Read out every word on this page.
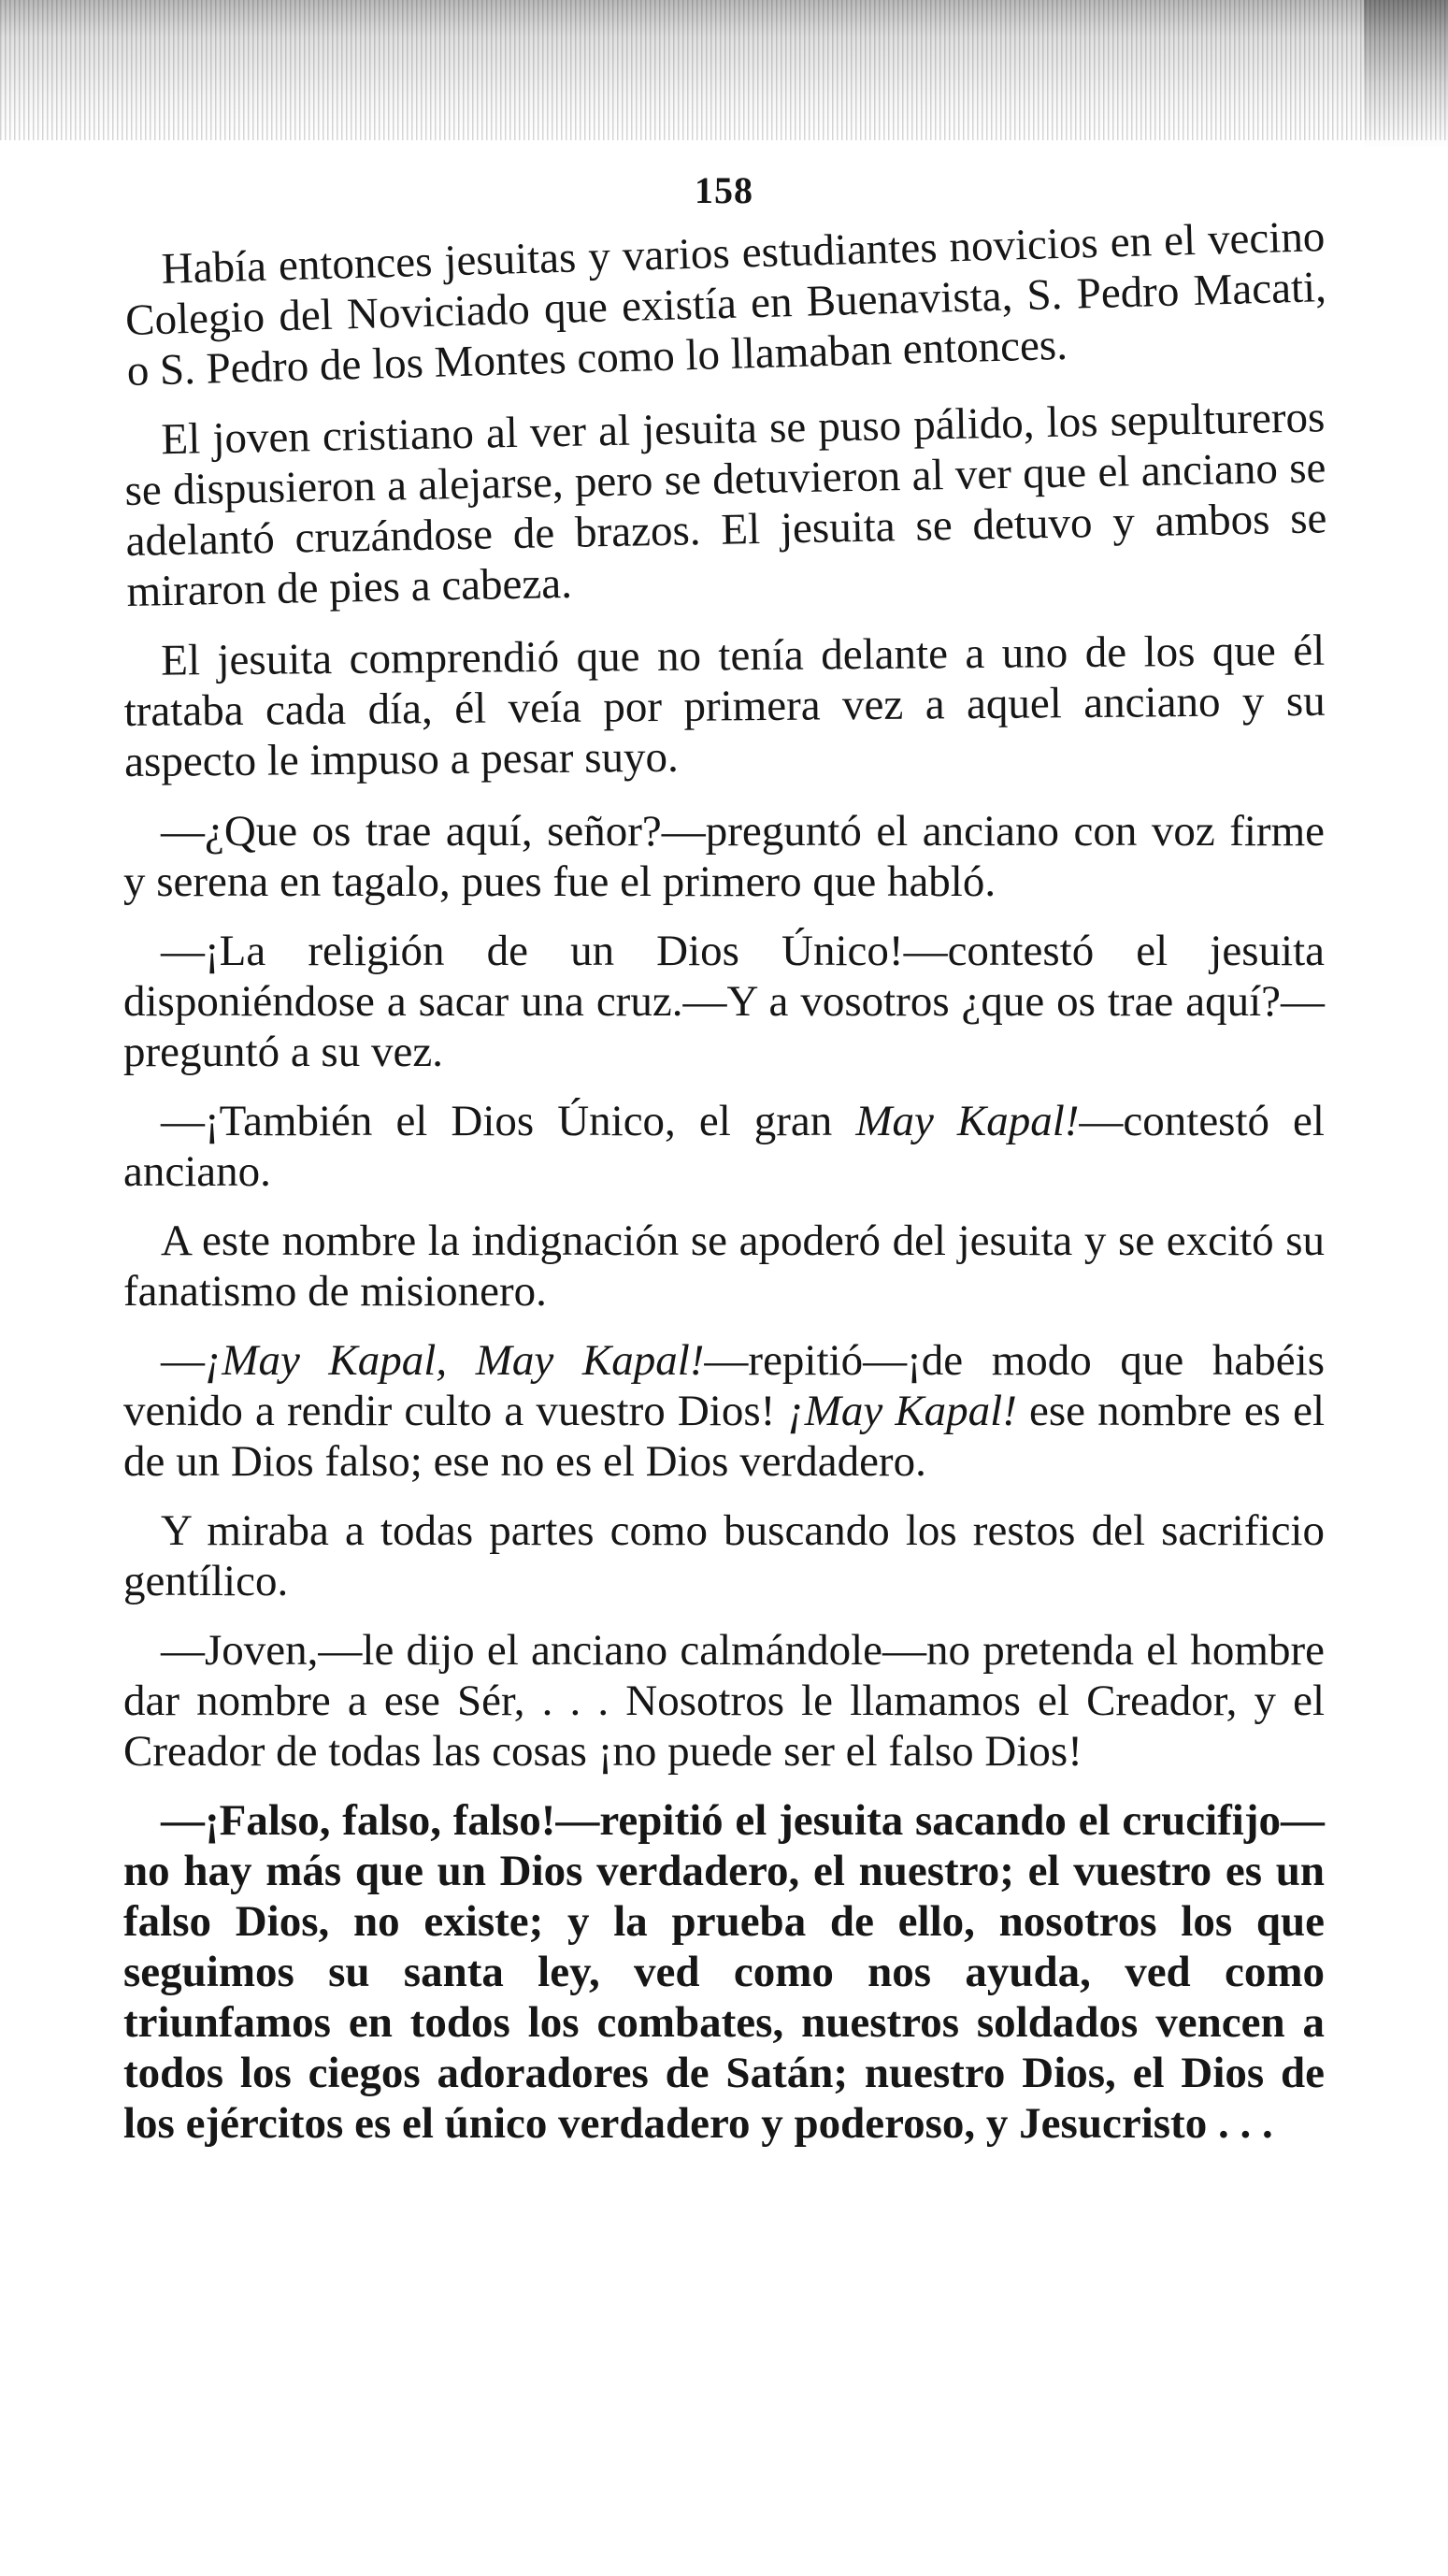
158

Había entonces jesuitas y varios estudiantes novicios en el vecino Colegio del Noviciado que existía en Buenavista, S. Pedro Macati, o S. Pedro de los Montes como lo llamaban entonces.

El joven cristiano al ver al jesuita se puso pálido, los sepultureros se dispusieron a alejarse, pero se detuvieron al ver que el anciano se adelantó cruzándose de brazos. El jesuita se detuvo y ambos se miraron de pies a cabeza.

El jesuita comprendió que no tenía delante a uno de los que él trataba cada día, él veía por primera vez a aquel anciano y su aspecto le impuso a pesar suyo.

—¿Que os trae aquí, señor?—preguntó el anciano con voz firme y serena en tagalo, pues fue el primero que habló.

—¡La religión de un Dios Único!—contestó el jesuita disponiéndose a sacar una cruz.—Y a vosotros ¿que os trae aquí?—preguntó a su vez.

—¡También el Dios Único, el gran May Kapal!—contestó el anciano.

A este nombre la indignación se apoderó del jesuita y se excitó su fanatismo de misionero.

—¡May Kapal, May Kapal!—repitió—¡de modo que habéis venido a rendir culto a vuestro Dios! ¡May Kapal! ese nombre es el de un Dios falso; ese no es el Dios verdadero.

Y miraba a todas partes como buscando los restos del sacrificio gentílico.

—Joven,—le dijo el anciano calmándole—no pretenda el hombre dar nombre a ese Sér, . . . Nosotros le llamamos el Creador, y el Creador de todas las cosas ¡no puede ser el falso Dios!

—¡Falso, falso, falso!—repitió el jesuita sacando el crucifijo—no hay más que un Dios verdadero, el nuestro; el vuestro es un falso Dios, no existe; y la prueba de ello, nosotros los que seguimos su santa ley, ved como nos ayuda, ved como triunfamos en todos los combates, nuestros soldados vencen a todos los ciegos adoradores de Satán; nuestro Dios, el Dios de los ejércitos es el único verdadero y poderoso, y Jesucristo . . .
